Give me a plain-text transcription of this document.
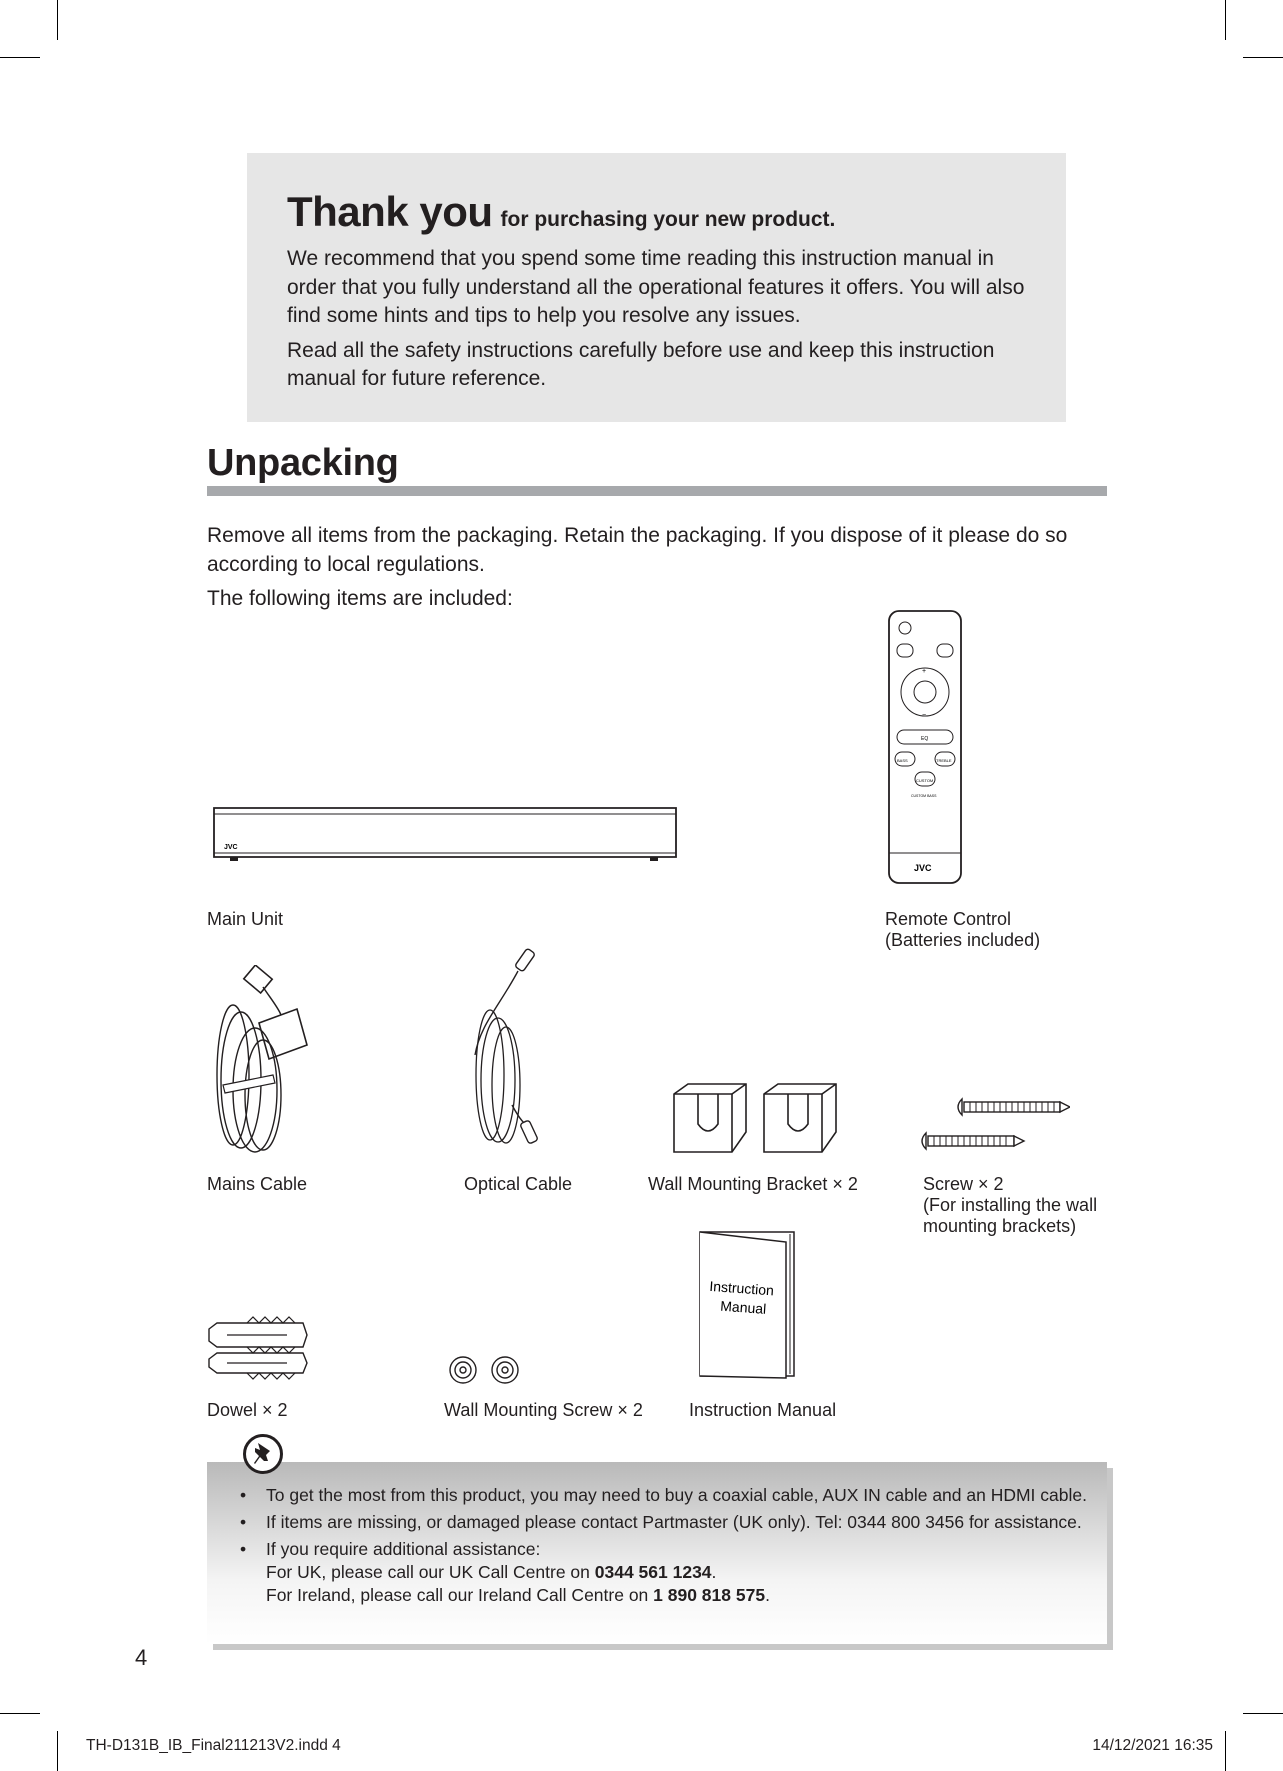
Thank you for purchasing your new product.

We recommend that you spend some time reading this instruction manual in order that you fully understand all the operational features it offers. You will also find some hints and tips to help you resolve any issues.

Read all the safety instructions carefully before use and keep this instruction manual for future reference.

Unpacking

Remove all items from the packaging. Retain the packaging. If you dispose of it please do so according to local regulations.

The following items are included:

JVC

Main Unit

+
−
EQ
BASS	TREBLE
CUSTOM
CUSTOM BASS
JVC

Remote Control

(Batteries included)

Mains Cable	Optical Cable	Wall Mounting Bracket × 2	Screw × 2

(For installing the wall

mounting brackets)

Instruction
Manual

Instruction Manual

Dowel × 2	Wall Mounting Screw × 2

• To get the most from this product, you may need to buy a coaxial cable, AUX IN cable and an HDMI cable.
• If items are missing, or damaged please contact Partmaster (UK only). Tel: 0344 800 3456 for assistance.
• If you require additional assistance:
For UK, please call our UK Call Centre on 0344 561 1234.
For Ireland, please call our Ireland Call Centre on 1 890 818 575.

4

TH-D131B_IB_Final211213V2.indd 4	14/12/2021 16:35
